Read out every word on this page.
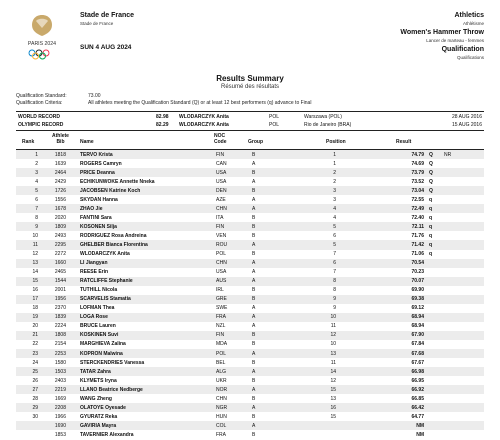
PARIS 2024
Stade de France
Stade de France
SUN 4 AUG 2024
Athletics
Athlétisme
Women's Hammer Throw
Lancer de marteau - femmes
Qualification
Qualifications
Results Summary
Résumé des résultats
Qualification Standard:	73.00
Qualification Criteria:	All athletes meeting the Qualification Standard (Q) or at least 12 best performers (q) advance to Final
WORLD RECORD	82.98 WLODARCZYK Anita	POL	Warszawa (POL)	28 AUG 2016
OLYMPIC RECORD	82.29 WLODARCZYK Anita	POL	Rio de Janeiro (BRA)	15 AUG 2016
Rank
Athlete
Bib	Name
NOC
Code	Group	Position	Result
1	1818	TERVO Krista	FIN	B	1	74.79 Q NR
2	1639	ROGERS Camryn	CAN	A	1	74.69 Q
3	2464	PRICE Deanna	USA	B	2	73.79 Q
4	2429	ECHIKUNWOKE Annette Nneka	USA	A	2	73.52 Q
5	1726	JACOBSEN Katrine Koch	DEN	B	3	73.04 Q
6	1556	SKYDAN Hanna	AZE	A	3	72.55 q
7	1678	ZHAO Jie	CHN	A	4	72.49 q
8	2020	FANTINI Sara	ITA	B	4	72.40 q
9	1809	KOSONEN Silja	FIN	B	5	72.11 q
10	2493	RODRIGUEZ Rosa Andreina	VEN	B	6	71.76 q
11	2295	GHELBER Bianca Florentina	ROU	A	5	71.42 q
12	2272	WLODARCZYK Anita	POL	B	7	71.06 q
13	1660	LI Jiangyan	CHN	A	6	70.54
14	2465	REESE Erin	USA	A	7	70.23
15	1544	RATCLIFFE Stephanie	AUS	A	8	70.07
16	2001	TUTHILL Nicola	IRL	B	8	69.90
17	1956	SCARVELIS Stamatia	GRE	B	9	69.38
18	2370	LOFMAN Thea	SWE	A	9	69.12
19	1839	LOGA Rose	FRA	A	10	68.94
20	2224	BRUCE Lauren	NZL	A	11	68.94
21	1808	KOSKINEN Suvi	FIN	B	12	67.90
22	2154	MARGHIEVA Zalina	MDA	B	10	67.84
23	2253	KOPRON Malwina	POL	A	13	67.68
24	1580	STERCKENDRIES Vanessa	BEL	B	11	67.67
25	1503	TATAR Zahra	ALG	A	14	66.98
26	2403	KLYMETS Iryna	UKR	B	12	66.95
27	2219	LLANO Beatrice Nedberge	NOR	A	15	66.92
28	1669	WANG Zheng	CHN	B	13	66.85
29	2208	OLATOYE Oyesade	NGR	A	16	66.42
30	1966	GYURATZ Reka	HUN	B	15	64.77
1690	GAVIRIA Mayra	COL	A	NM
1853	TAVERNIER Alexandra	FRA	B	NM
